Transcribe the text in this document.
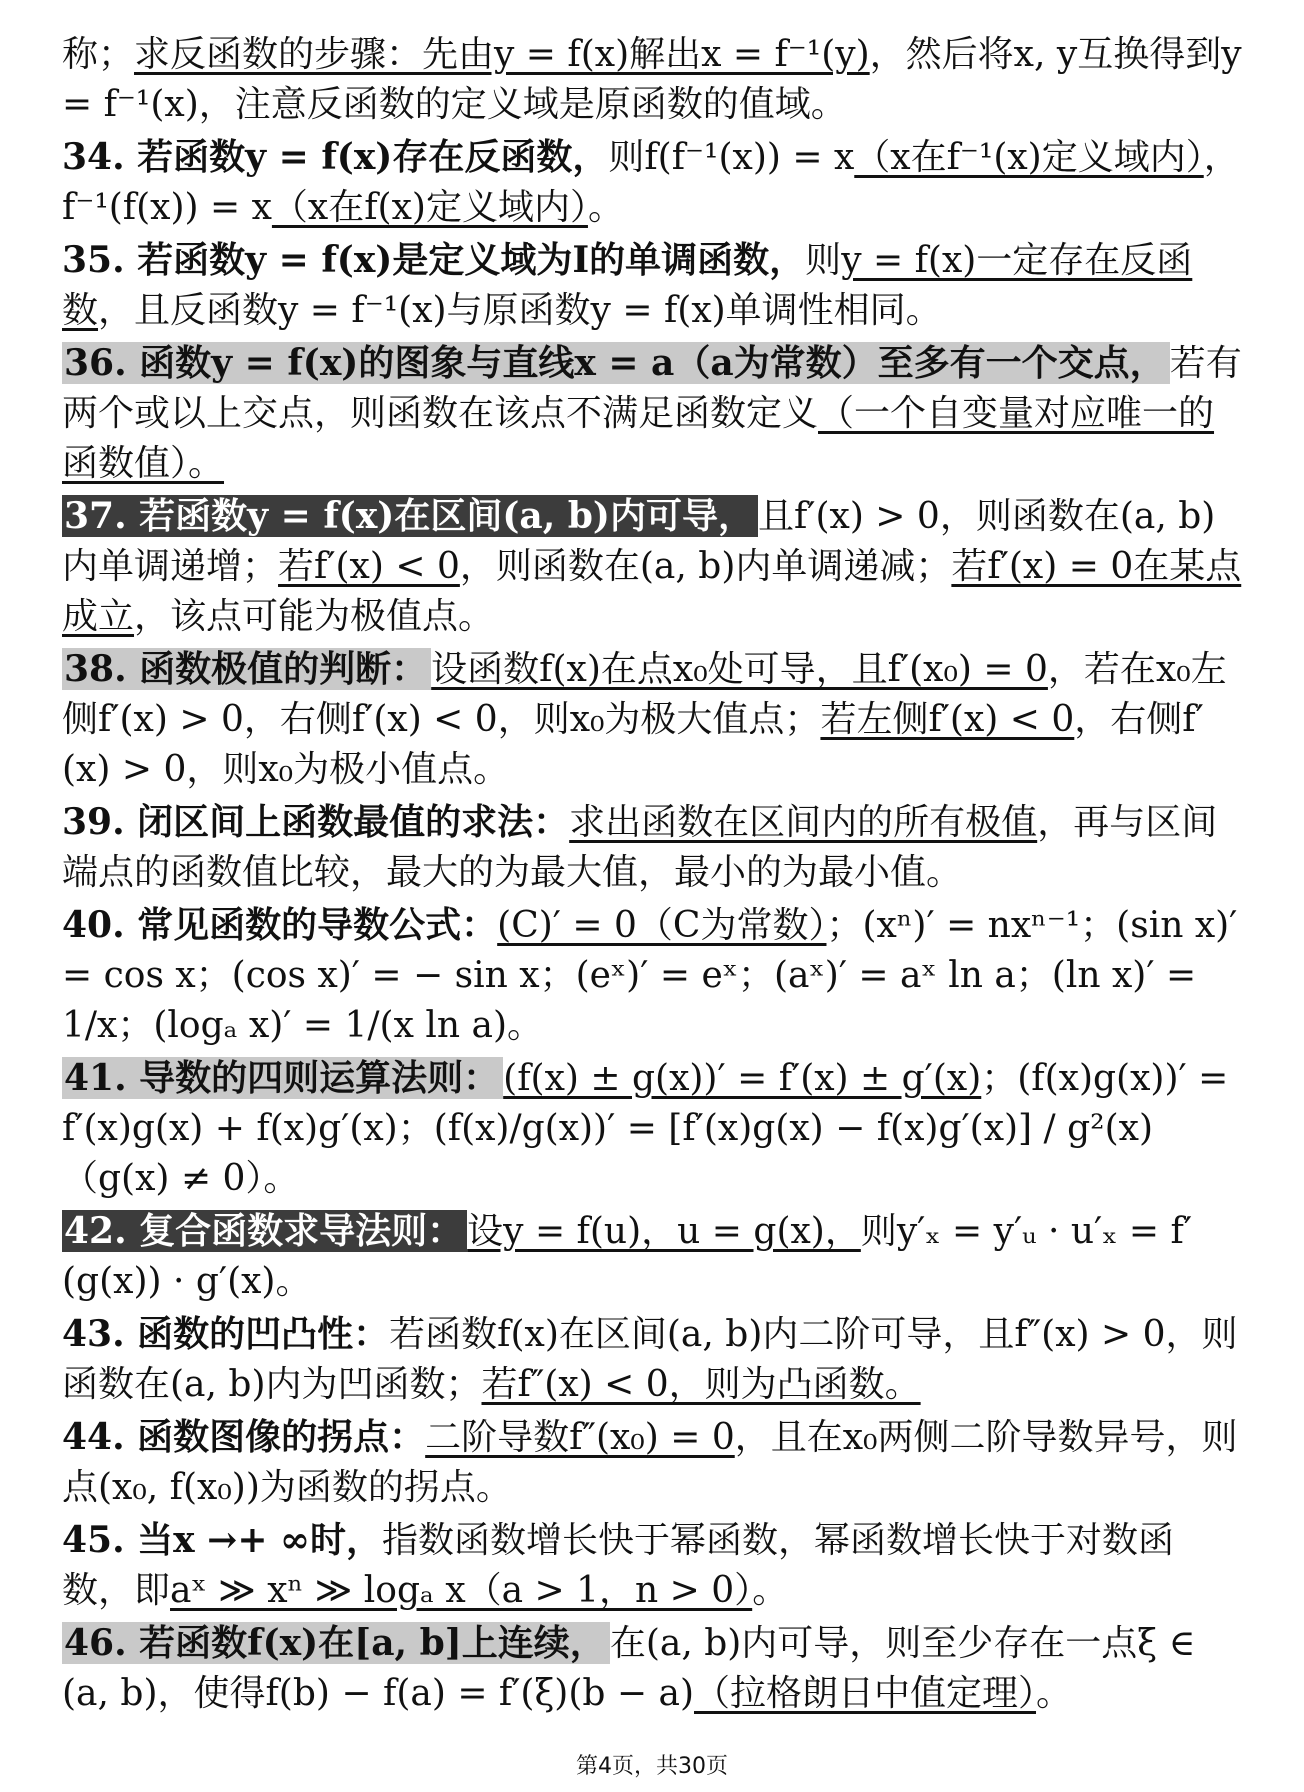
称；求反函数的步骤：先由y = f(x)解出x = f⁻¹(y)，然后将x, y互换得到y = f⁻¹(x)，注意反函数的定义域是原函数的值域。

34. 若函数y = f(x)存在反函数，则f(f⁻¹(x)) = x（x在f⁻¹(x)定义域内），f⁻¹(f(x)) = x（x在f(x)定义域内）。

35. 若函数y = f(x)是定义域为I的单调函数，则y = f(x)一定存在反函数，且反函数y = f⁻¹(x)与原函数y = f(x)单调性相同。

36. 函数y = f(x)的图象与直线x = a（a为常数）至多有一个交点， 若有两个或以上交点，则函数在该点不满足函数定义（一个自变量对应唯一的函数值）。

37. 若函数y = f(x)在区间(a, b)内可导， 且f′(x) > 0，则函数在(a, b)内单调递增；若f′(x) < 0，则函数在(a, b)内单调递减；若f′(x) = 0在某点成立，该点可能为极值点。

38. 函数极值的判断： 设函数f(x)在点x₀处可导，且f′(x₀) = 0，若在x₀左侧f′(x) > 0，右侧f′(x) < 0，则x₀为极大值点；若左侧f′(x) < 0，右侧f′(x) > 0，则x₀为极小值点。

39. 闭区间上函数最值的求法：求出函数在区间内的所有极值，再与区间端点的函数值比较，最大的为最大值，最小的为最小值。

40. 常见函数的导数公式：(C)′ = 0（C为常数）；(xⁿ)′ = nxⁿ⁻¹；(sin x)′ = cos x；(cos x)′ = − sin x；(eˣ)′ = eˣ；(aˣ)′ = aˣ ln a；(ln x)′ = 1/x；(logₐ x)′ = 1/(x ln a)。

41. 导数的四则运算法则： (f(x) ± g(x))′ = f′(x) ± g′(x)；(f(x)g(x))′ = f′(x)g(x) + f(x)g′(x)；(f(x)/g(x))′ = [f′(x)g(x) − f(x)g′(x)] / g²(x)（g(x) ≠ 0）。

42. 复合函数求导法则： 设y = f(u)，u = g(x)，则y′ₓ = y′ᵤ · u′ₓ = f′(g(x)) · g′(x)。

43. 函数的凹凸性：若函数f(x)在区间(a, b)内二阶可导，且f″(x) > 0，则函数在(a, b)内为凹函数；若f″(x) < 0，则为凸函数。

44. 函数图像的拐点：二阶导数f″(x₀) = 0，且在x₀两侧二阶导数异号，则点(x₀, f(x₀))为函数的拐点。

45. 当x →+ ∞时，指数函数增长快于幂函数，幂函数增长快于对数函数，即aˣ ≫ xⁿ ≫ logₐ x（a > 1，n > 0）。

46. 若函数f(x)在[a, b]上连续， 在(a, b)内可导，则至少存在一点ξ ∈ (a, b)，使得f(b) − f(a) = f′(ξ)(b − a)（拉格朗日中值定理）。

第4页，共30页
